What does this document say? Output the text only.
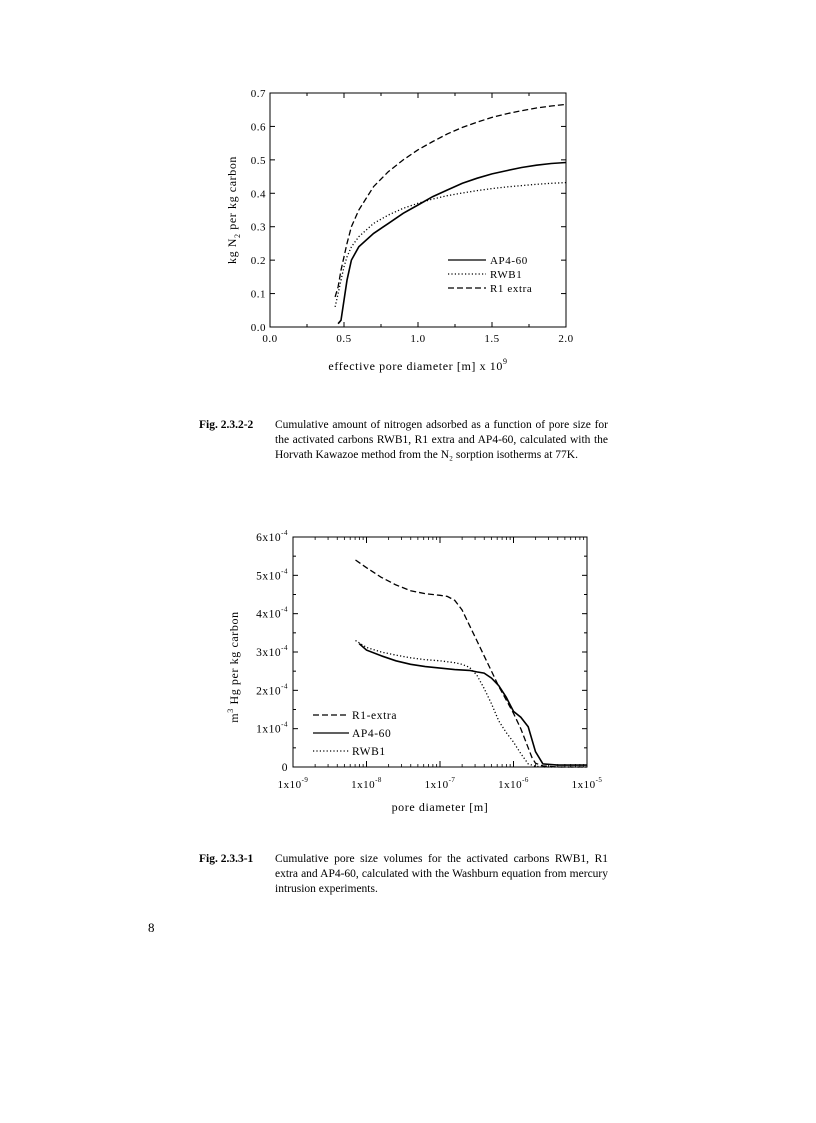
0.0	0.5	1.0	1.5	2.0
0.0
0.1
0.2
0.3
0.4
0.5
0.6
0.7
effective pore diameter [m] x $10^9$
kg $N_2$ per kg carbon
AP4-60
RWB1
R1 extra
$1x10^{-9}$	$1x10^{-8}$	$1x10^{-7}$	$1x10^{-6}$	$1x10^{-5}$
0
$1x10^{-4}$
$2x10^{-4}$
$3x10^{-4}$
$4x10^{-4}$
$5x10^{-4}$
$6x10^{-4}$
pore diameter [m]
$m^3$ Hg per kg carbon
R1-extra
AP4-60
RWB1
Fig. 2.3.2-2 Cumulative amount of nitrogen adsorbed as a function of pore size for the activated carbons RWB1, R1 extra and AP4-60, calculated with the Horvath Kawazoe method from the N₂ sorption isotherms at 77K.
Fig. 2.3.3-1 Cumulative pore size volumes for the activated carbons RWB1, R1 extra and AP4-60, calculated with the Washburn equation from mercury intrusion experiments.
8
